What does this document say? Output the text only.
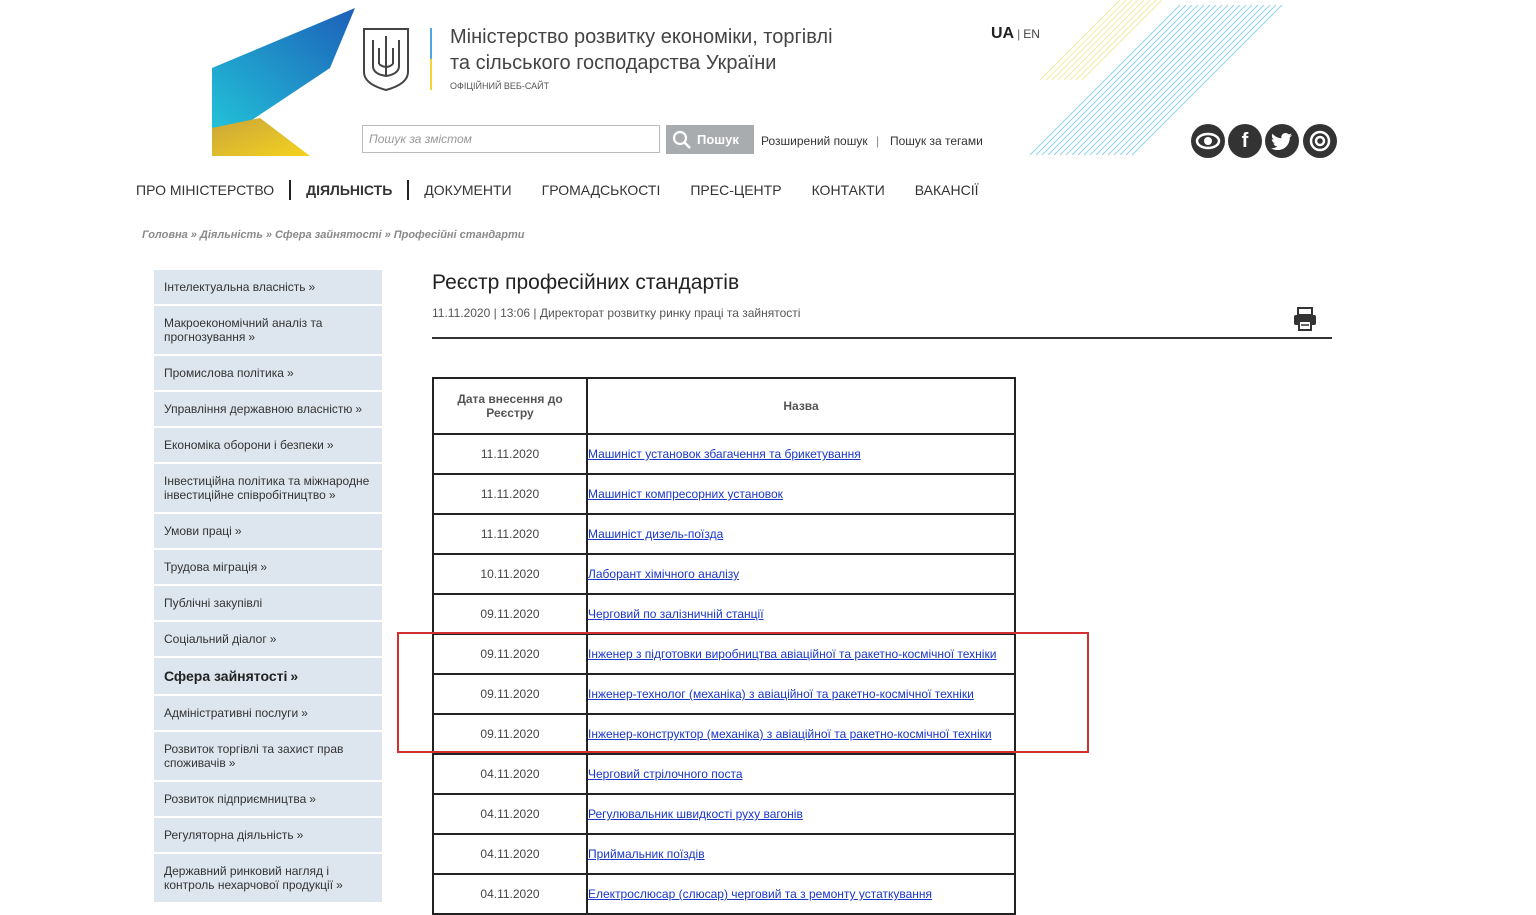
Міністерство розвитку економіки, торгівлі
та сільського господарства України
ОФІЦІЙНИЙ ВЕБ-САЙТ
UA | EN
Пошук за змістом	Пошук Розширений пошук | Пошук за тегами	f
ПРО МІНІСТЕРСТВО	ДІЯЛЬНІСТЬ	ДОКУМЕНТИ	ГРОМАДСЬКОСТІ	ПРЕС-ЦЕНТР	КОНТАКТИ	ВАКАНСІЇ
Головна » Діяльність » Сфера зайнятості » Професійні стандарти
Інтелектуальна власність »
Макроекономічний аналіз та прогнозування »
Промислова політика »
Управління державною власністю »
Економіка оборони і безпеки »
Інвестиційна політика та міжнародне інвестиційне співробітництво »
Умови праці »
Трудова міграція »
Публічні закупівлі
Соціальний діалог »
Сфера зайнятості »
Адміністративні послуги »
Розвиток торгівлі та захист прав споживачів »
Розвиток підприємництва »
Регуляторна діяльність »
Державний ринковий нагляд і контроль нехарчової продукції »
Реєстр професійних стандартів
11.11.2020 | 13:06 | Директорат розвитку ринку праці та зайнятості
Дата внесення до Реєстру	Назва
11.11.2020	Машиніст установок збагачення та брикетування
11.11.2020	Машиніст компресорних установок
11.11.2020	Машиніст дизель-поїзда
10.11.2020	Лаборант хімічного аналізу
09.11.2020	Черговий по залізничній станції
09.11.2020	Інженер з підготовки виробництва авіаційної та ракетно-космічної техніки
09.11.2020	Інженер-технолог (механіка) з авіаційної та ракетно-космічної техніки
09.11.2020	Інженер-конструктор (механіка) з авіаційної та ракетно-космічної техніки
04.11.2020	Черговий стрілочного поста
04.11.2020	Регулювальник швидкості руху вагонів
04.11.2020	Приймальник поїздів
04.11.2020	Електрослюсар (слюсар) черговий та з ремонту устаткування
